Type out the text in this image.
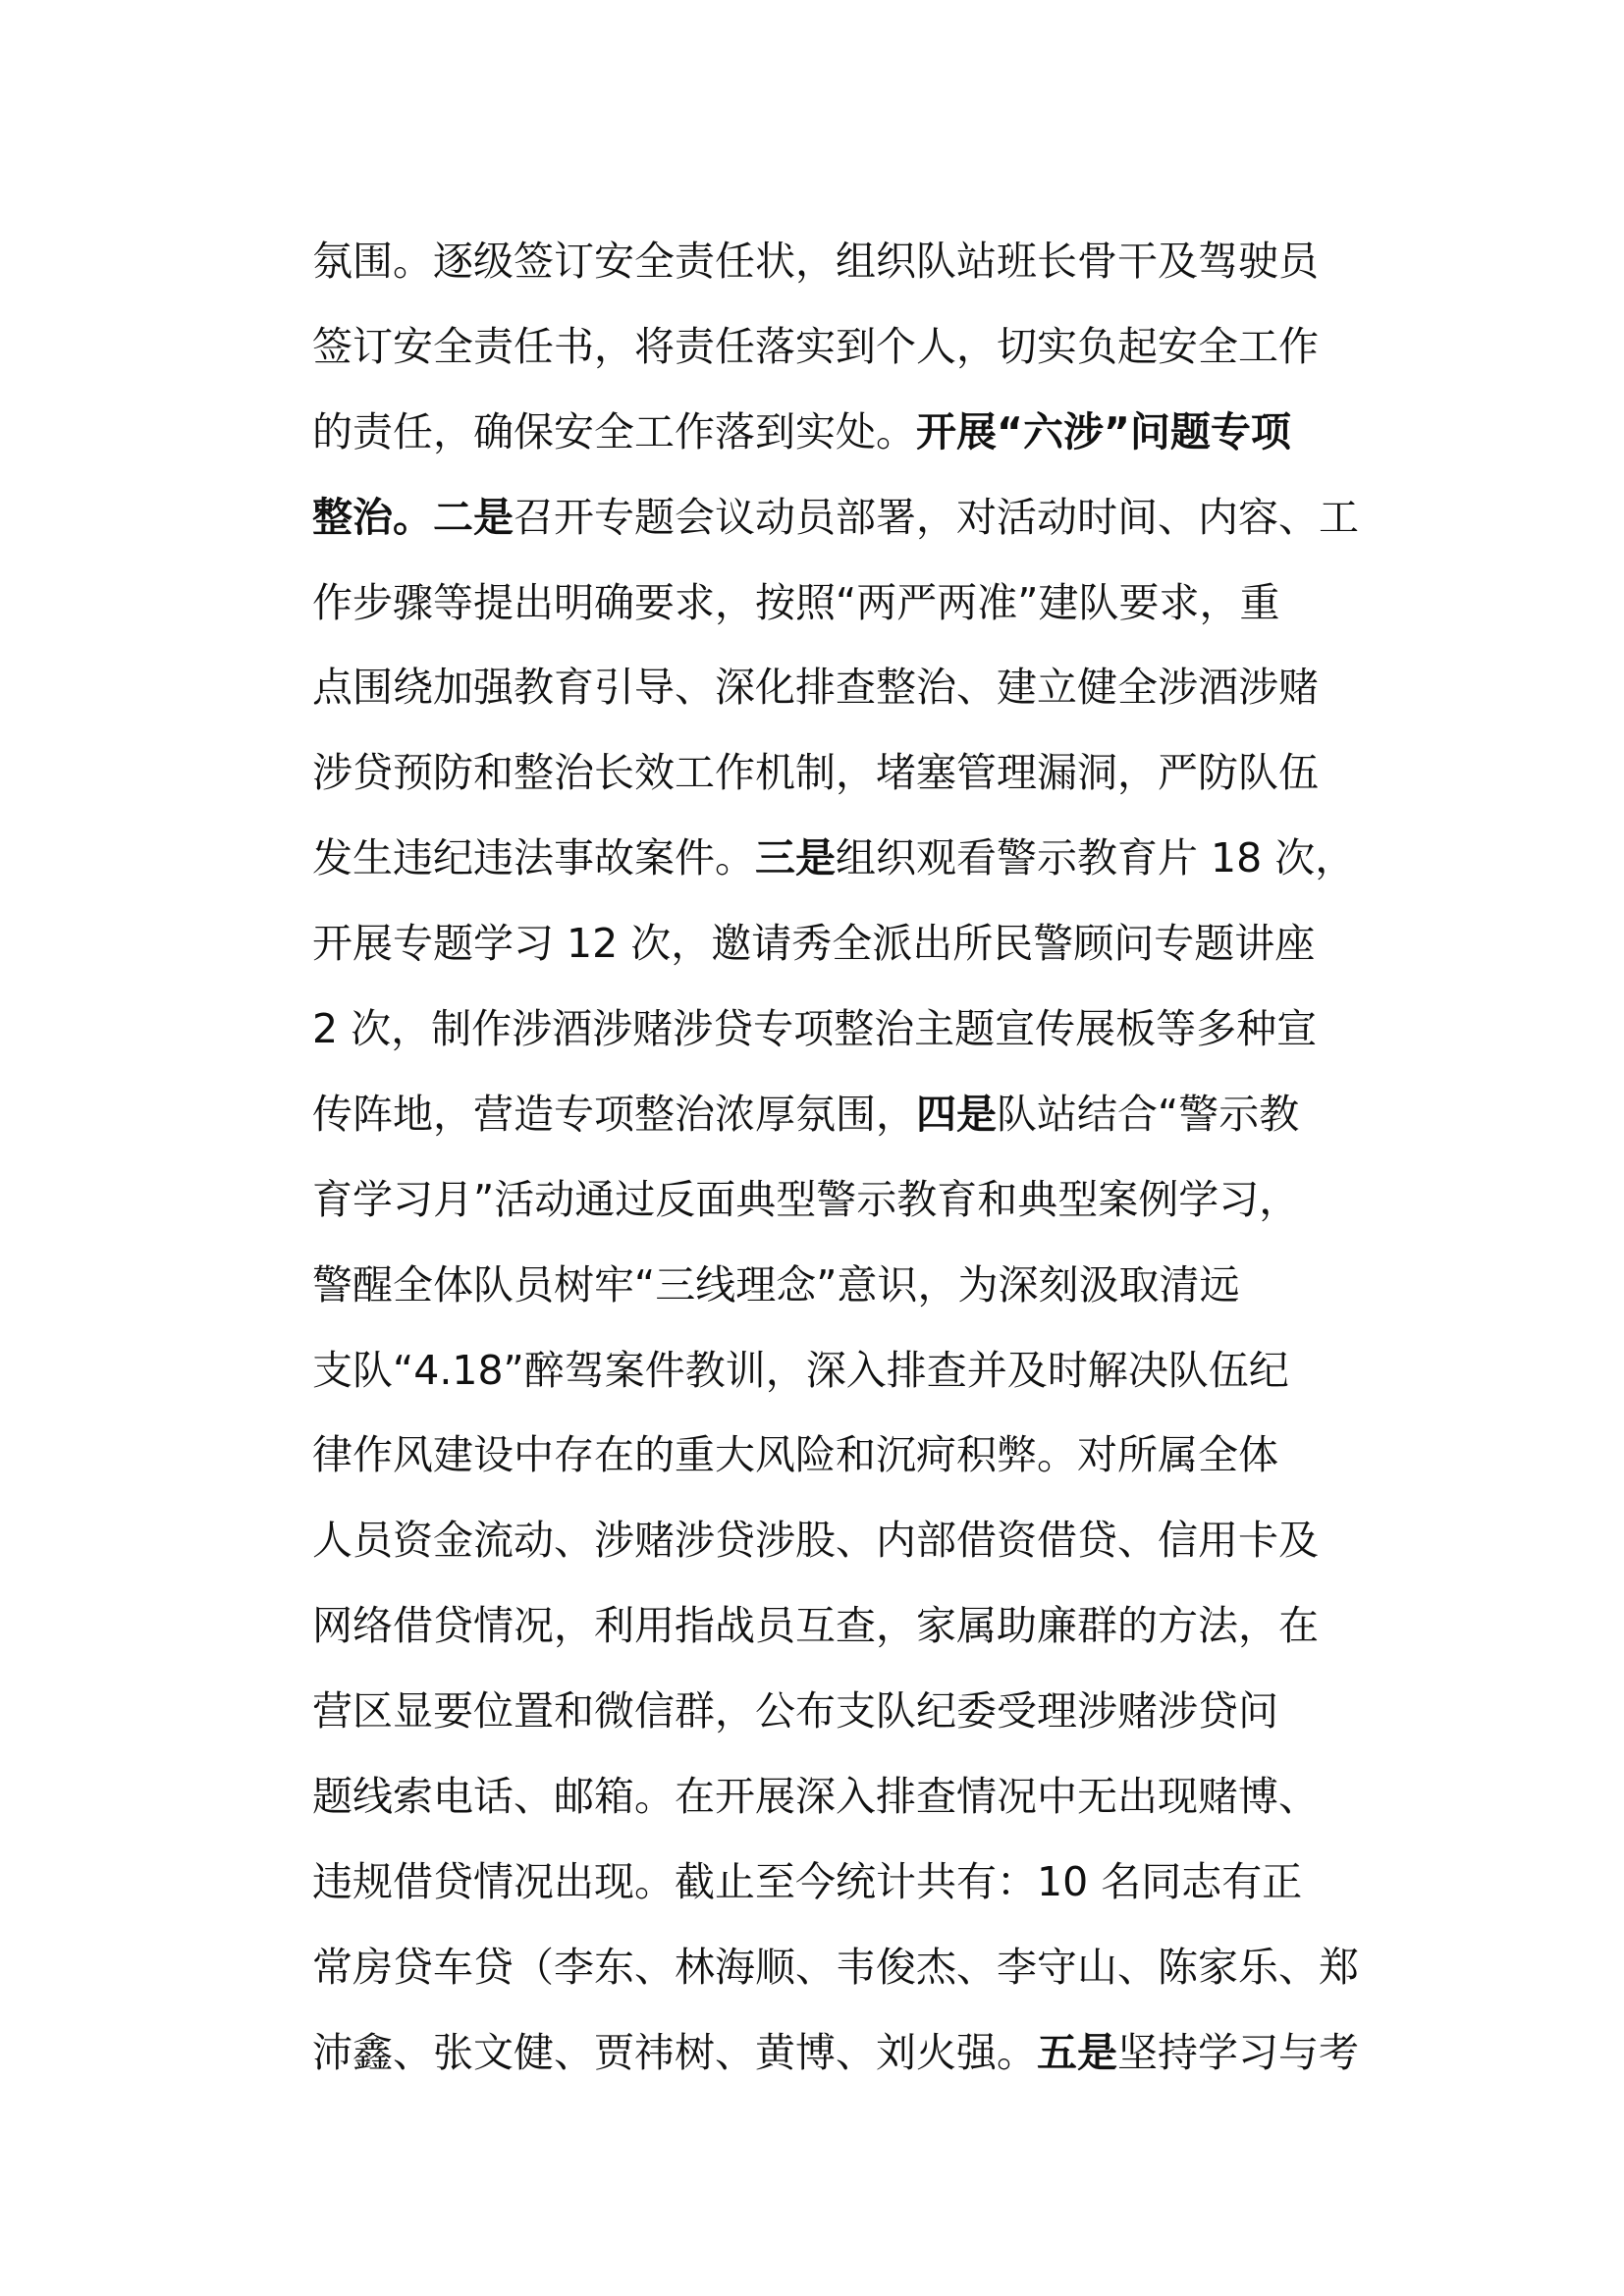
氛围。逐级签订安全责任状，组织队站班长骨干及驾驶员
签订安全责任书，将责任落实到个人，切实负起安全工作
的责任，确保安全工作落到实处。开展“六涉”问题专项
整治。二是召开专题会议动员部署，对活动时间、内容、工
作步骤等提出明确要求，按照“两严两准”建队要求，重
点围绕加强教育引导、深化排查整治、建立健全涉酒涉赌
涉贷预防和整治长效工作机制，堵塞管理漏洞，严防队伍
发生违纪违法事故案件。三是组织观看警示教育片 18 次，
开展专题学习 12 次，邀请秀全派出所民警顾问专题讲座
2 次，制作涉酒涉赌涉贷专项整治主题宣传展板等多种宣
传阵地，营造专项整治浓厚氛围，四是队站结合“警示教
育学习月”活动通过反面典型警示教育和典型案例学习，
警醒全体队员树牢“三线理念”意识，为深刻汲取清远
支队“4.18”醉驾案件教训，深入排查并及时解决队伍纪
律作风建设中存在的重大风险和沉疴积弊。对所属全体
人员资金流动、涉赌涉贷涉股、内部借资借贷、信用卡及
网络借贷情况，利用指战员互查，家属助廉群的方法，在
营区显要位置和微信群，公布支队纪委受理涉赌涉贷问
题线索电话、邮箱。在开展深入排查情况中无出现赌博、
违规借贷情况出现。截止至今统计共有：10 名同志有正
常房贷车贷（李东、林海顺、韦俊杰、李守山、陈家乐、郑
沛鑫、张文健、贾祎树、黄博、刘火强。五是坚持学习与考
